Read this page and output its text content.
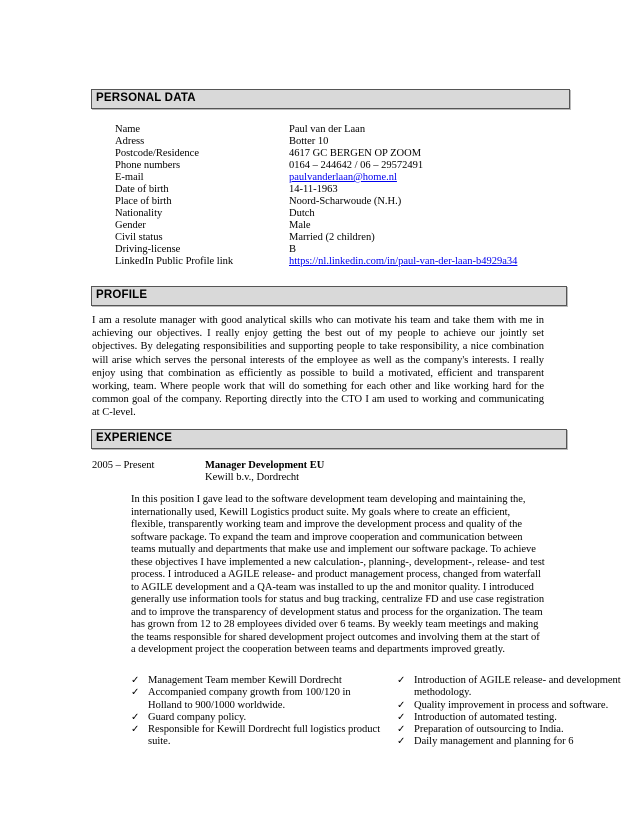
PERSONAL DATA
Name	Paul van der Laan
Adress	Botter 10
Postcode/Residence	4617 GC BERGEN OP ZOOM
Phone numbers	0164 – 244642 / 06 – 29572491
E-mail	paulvanderlaan@home.nl
Date of birth	14-11-1963
Place of birth	Noord-Scharwoude (N.H.)
Nationality	Dutch
Gender	Male
Civil status	Married (2 children)
Driving-license	B
LinkedIn Public Profile link	https://nl.linkedin.com/in/paul-van-der-laan-b4929a34
PROFILE
I am a resolute manager with good analytical skills who can motivate his team and take them with me in achieving our objectives. I really enjoy getting the best out of my people to achieve our jointly set objectives. By delegating responsibilities and supporting people to take responsibility, a nice combination will arise which serves the personal interests of the employee as well as the company's interests. I really enjoy using that combination as efficiently as possible to build a motivated, efficient and transparent working, team. Where people work that will do something for each other and like working hard for the common goal of the company. Reporting directly into the CTO I am used to working and communicating at C-level.
EXPERIENCE
2005 – Present	Manager Development EU
Kewill b.v., Dordrecht
In this position I gave lead to the software development team developing and maintaining the, internationally used, Kewill Logistics product suite. My goals where to create an efficient, flexible, transparently working team and improve the development process and quality of the software package. To expand the team and improve cooperation and communication between teams mutually and departments that make use and implement our software package. To achieve these objectives I have implemented a new calculation-, planning-, development-, release- and test process. I introduced a AGILE release- and product management process, changed from waterfall to AGILE development and a QA-team was installed to up the and monitor quality. I introduced generally use information tools for status and bug tracking, centralize FD and use case registration and to improve the transparency of development status and process for the organization. The team has grown from 12 to 28 employees divided over 6 teams. By weekly team meetings and making the teams responsible for shared development project outcomes and involving them at the start of a development project the cooperation between teams and departments improved greatly.
✓ Management Team member Kewill Dordrecht
✓ Accompanied company growth from 100/120 in Holland to 900/1000 worldwide.
✓ Guard company policy.
✓ Responsible for Kewill Dordrecht full logistics product suite.
✓ Introduction of AGILE release- and development methodology.
✓ Quality improvement in process and software.
✓ Introduction of automated testing.
✓ Preparation of outsourcing to India.
✓ Daily management and planning for 6
